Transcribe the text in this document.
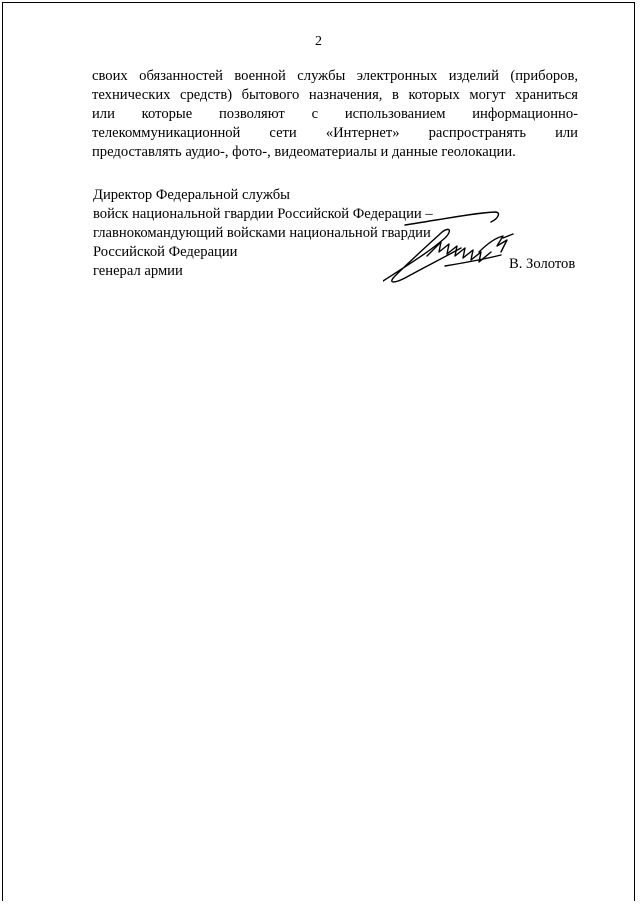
2

своих обязанностей военной службы электронных изделий (приборов,
технических средств) бытового назначения, в которых могут храниться
или которые позволяют с использованием информационно-
телекоммуникационной сети «Интернет» распространять или
предоставлять аудио-, фото-, видеоматериалы и данные геолокации.

Директор Федеральной службы
войск национальной гвардии Российской Федерации –
главнокомандующий войсками национальной гвардии
Российской Федерации
генерал армии	В. Золотов
